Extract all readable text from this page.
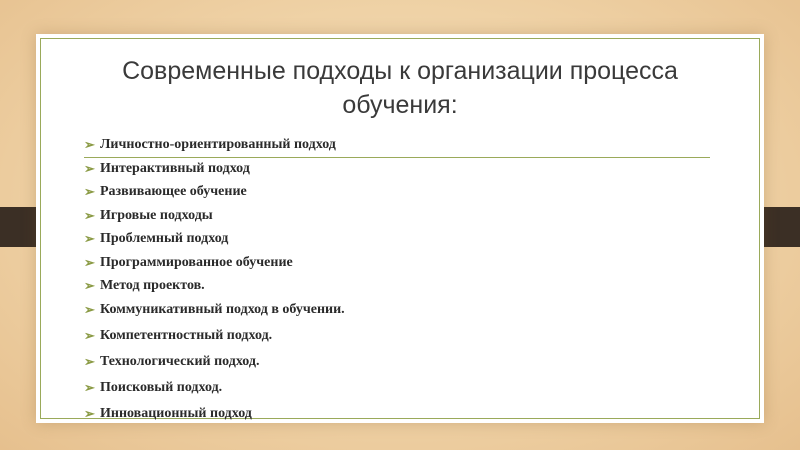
Современные подходы к организации процесса обучения:
➢ Личностно-ориентированный подход
➢ Интерактивный подход
➢ Развивающее обучение
➢ Игровые подходы
➢ Проблемный подход
➢ Программированное обучение
➢ Метод проектов.
➢ Коммуникативный подход в обучении.
➢ Компетентностный подход.
➢ Технологический подход.
➢ Поисковый подход.
➢ Инновационный подход
